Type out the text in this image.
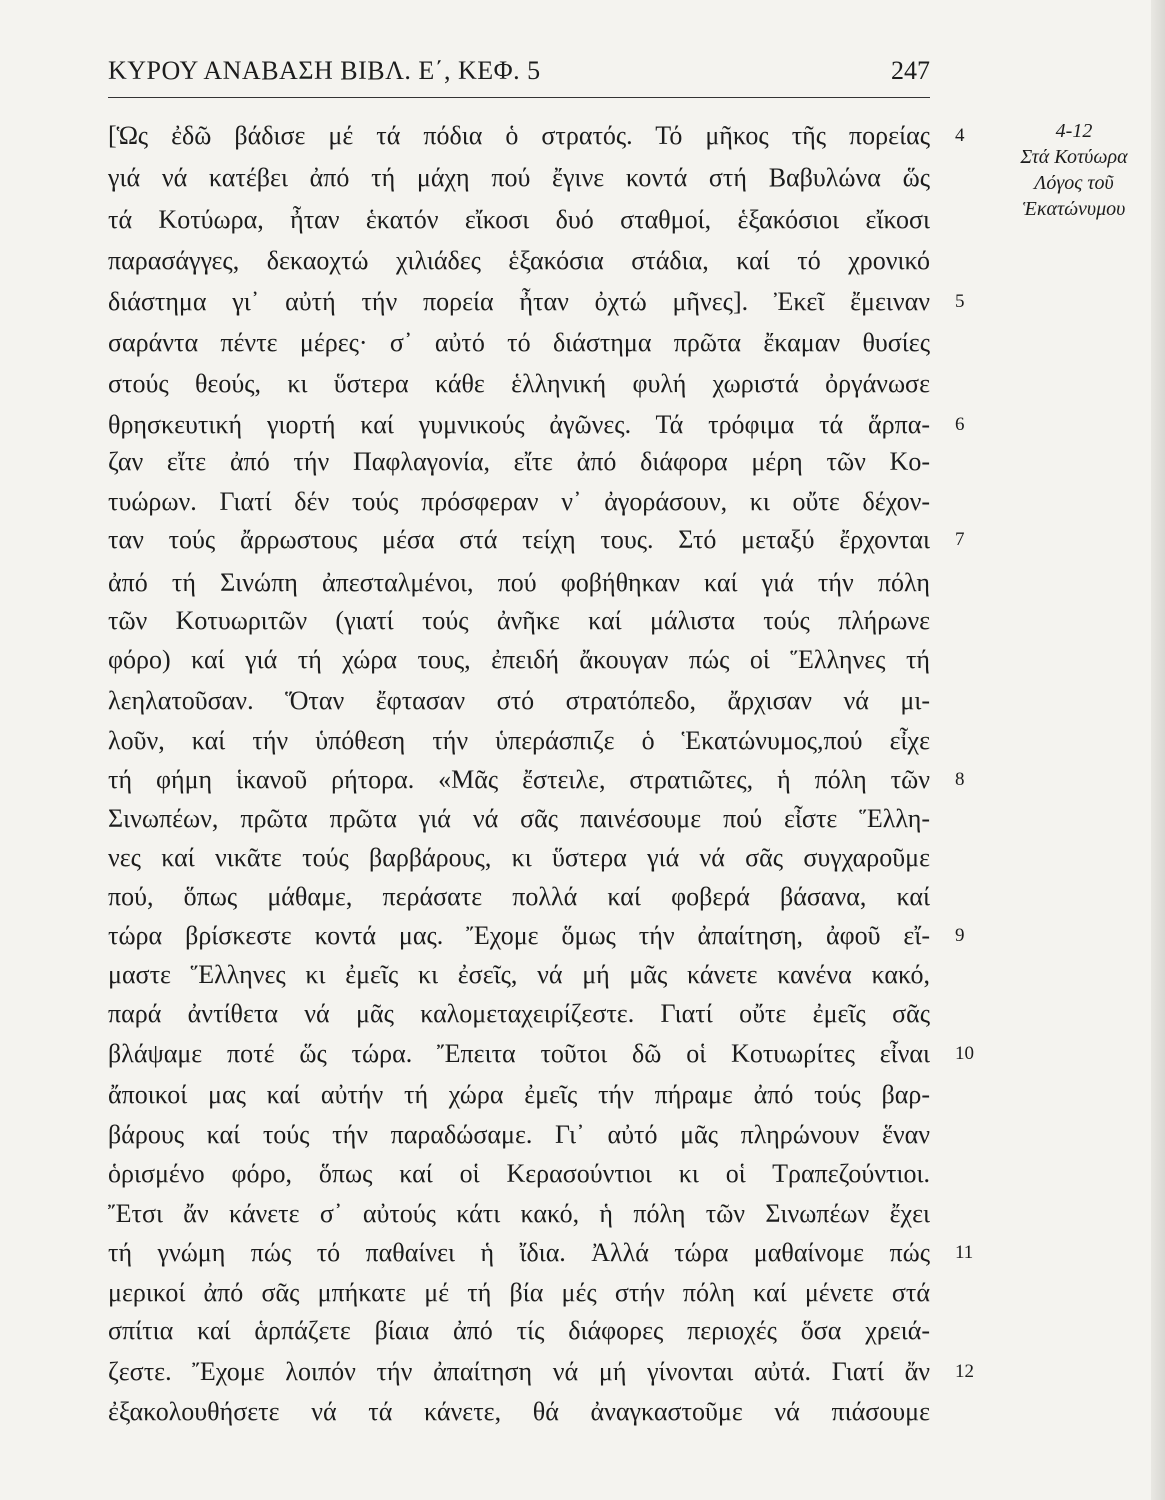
ΚΥΡΟΥ ΑΝΑΒΑΣΗ ΒΙΒΛ. Ε΄, ΚΕΦ. 5	247
[Ὡς ἐδῶ βάδισε μέ τά πόδια ὁ στρατός. Τό μῆκος τῆς πορείας
γιά νά κατέβει ἀπό τή μάχη πού ἔγινε κοντά στή Βαβυλώνα ὥς
τά Κοτύωρα, ἦταν ἑκατόν εἴκοσι δυό σταθμοί, ἑξακόσιοι εἴκοσι
παρασάγγες, δεκαοχτώ χιλιάδες ἑξακόσια στάδια, καί τό χρονικό
διάστημα γι᾽ αὐτή τήν πορεία ἦταν ὀχτώ μῆνες]. Ἐκεῖ ἔμειναν
σαράντα πέντε μέρες· σ᾽ αὐτό τό διάστημα πρῶτα ἔκαμαν θυσίες
στούς θεούς, κι ὕστερα κάθε ἑλληνική φυλή χωριστά ὀργάνωσε
θρησκευτική γιορτή καί γυμνικούς ἀγῶνες. Τά τρόφιμα τά ἅρπα-
ζαν εἴτε ἀπό τήν Παφλαγονία, εἴτε ἀπό διάφορα μέρη τῶν Κο-
τυώρων. Γιατί δέν τούς πρόσφεραν ν᾽ ἀγοράσουν, κι οὔτε δέχον-
ταν τούς ἄρρωστους μέσα στά τείχη τους. Στό μεταξύ ἔρχονται
ἀπό τή Σινώπη ἀπεσταλμένοι, πού φοβήθηκαν καί γιά τήν πόλη
τῶν Κοτυωριτῶν (γιατί τούς ἀνῆκε καί μάλιστα τούς πλήρωνε
φόρο) καί γιά τή χώρα τους, ἐπειδή ἄκουγαν πώς οἱ Ἕλληνες τή
λεηλατοῦσαν. Ὅταν ἔφτασαν στό στρατόπεδο, ἄρχισαν νά μι-
λοῦν, καί τήν ὑπόθεση τήν ὑπεράσπιζε ὁ Ἑκατώνυμος,πού εἶχε
τή φήμη ἱκανοῦ ρήτορα. «Μᾶς ἔστειλε, στρατιῶτες, ἡ πόλη τῶν
Σινωπέων, πρῶτα πρῶτα γιά νά σᾶς παινέσουμε πού εἶστε Ἕλλη-
νες καί νικᾶτε τούς βαρβάρους, κι ὕστερα γιά νά σᾶς συγχαροῦμε
πού, ὅπως μάθαμε, περάσατε πολλά καί φοβερά βάσανα, καί
τώρα βρίσκεστε κοντά μας. Ἔχομε ὅμως τήν ἀπαίτηση, ἀφοῦ εἴ-
μαστε Ἕλληνες κι ἐμεῖς κι ἐσεῖς, νά μή μᾶς κάνετε κανένα κακό,
παρά ἀντίθετα νά μᾶς καλομεταχειρίζεστε. Γιατί οὔτε ἐμεῖς σᾶς
βλάψαμε ποτέ ὥς τώρα. Ἔπειτα τοῦτοι δῶ οἱ Κοτυωρίτες εἶναι
ἄποικοί μας καί αὐτήν τή χώρα ἐμεῖς τήν πήραμε ἀπό τούς βαρ-
βάρους καί τούς τήν παραδώσαμε. Γι᾽ αὐτό μᾶς πληρώνουν ἕναν
ὁρισμένο φόρο, ὅπως καί οἱ Κερασούντιοι κι οἱ Τραπεζούντιοι.
Ἔτσι ἄν κάνετε σ᾽ αὐτούς κάτι κακό, ἡ πόλη τῶν Σινωπέων ἔχει
τή γνώμη πώς τό παθαίνει ἡ ἴδια. Ἀλλά τώρα μαθαίνομε πώς
μερικοί ἀπό σᾶς μπήκατε μέ τή βία μές στήν πόλη καί μένετε στά
σπίτια καί ἁρπάζετε βίαια ἀπό τίς διάφορες περιοχές ὅσα χρειά-
ζεστε. Ἔχομε λοιπόν τήν ἀπαίτηση νά μή γίνονται αὐτά. Γιατί ἄν
ἐξακολουθήσετε νά τά κάνετε, θά ἀναγκαστοῦμε νά πιάσουμε
4
5
6
7
8
9
10
11
12
4-12
Στά Κοτύωρα
Λόγος τοῦ
Ἑκατώνυμου
